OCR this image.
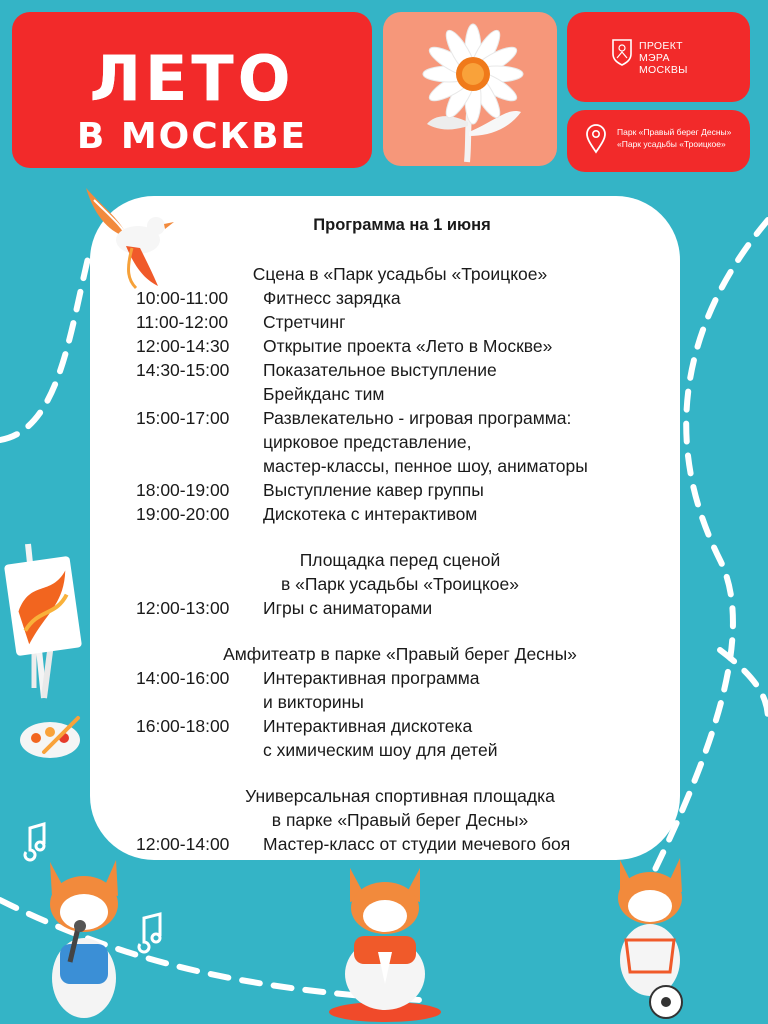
ЛЕТО
В МОСКВЕ
ПРОЕКТ
МЭРА
МОСКВЫ
Парк «Правый берег Десны»
«Парк усадьбы «Троицкое»
Программа на 1 июня
Сцена в «Парк усадьбы «Троицкое»
10:00-11:00	Фитнесс зарядка
11:00-12:00	Стретчинг
12:00-14:30	Открытие проекта «Лето в Москве»
14:30-15:00	Показательное выступление
Брейкданс тим
15:00-17:00	Развлекательно - игровая программа:
цирковое представление,
мастер-классы, пенное шоу, аниматоры
18:00-19:00	Выступление кавер группы
19:00-20:00	Дискотека с интерактивом
Площадка перед сценой
в «Парк усадьбы «Троицкое»
12:00-13:00	Игры с аниматорами
Амфитеатр в парке «Правый берег Десны»
14:00-16:00	Интерактивная программа
и викторины
16:00-18:00	Интерактивная дискотека
с химическим шоу для детей
Универсальная спортивная площадка
в парке «Правый берег Десны»
12:00-14:00	Мастер-класс от студии мечевого боя
